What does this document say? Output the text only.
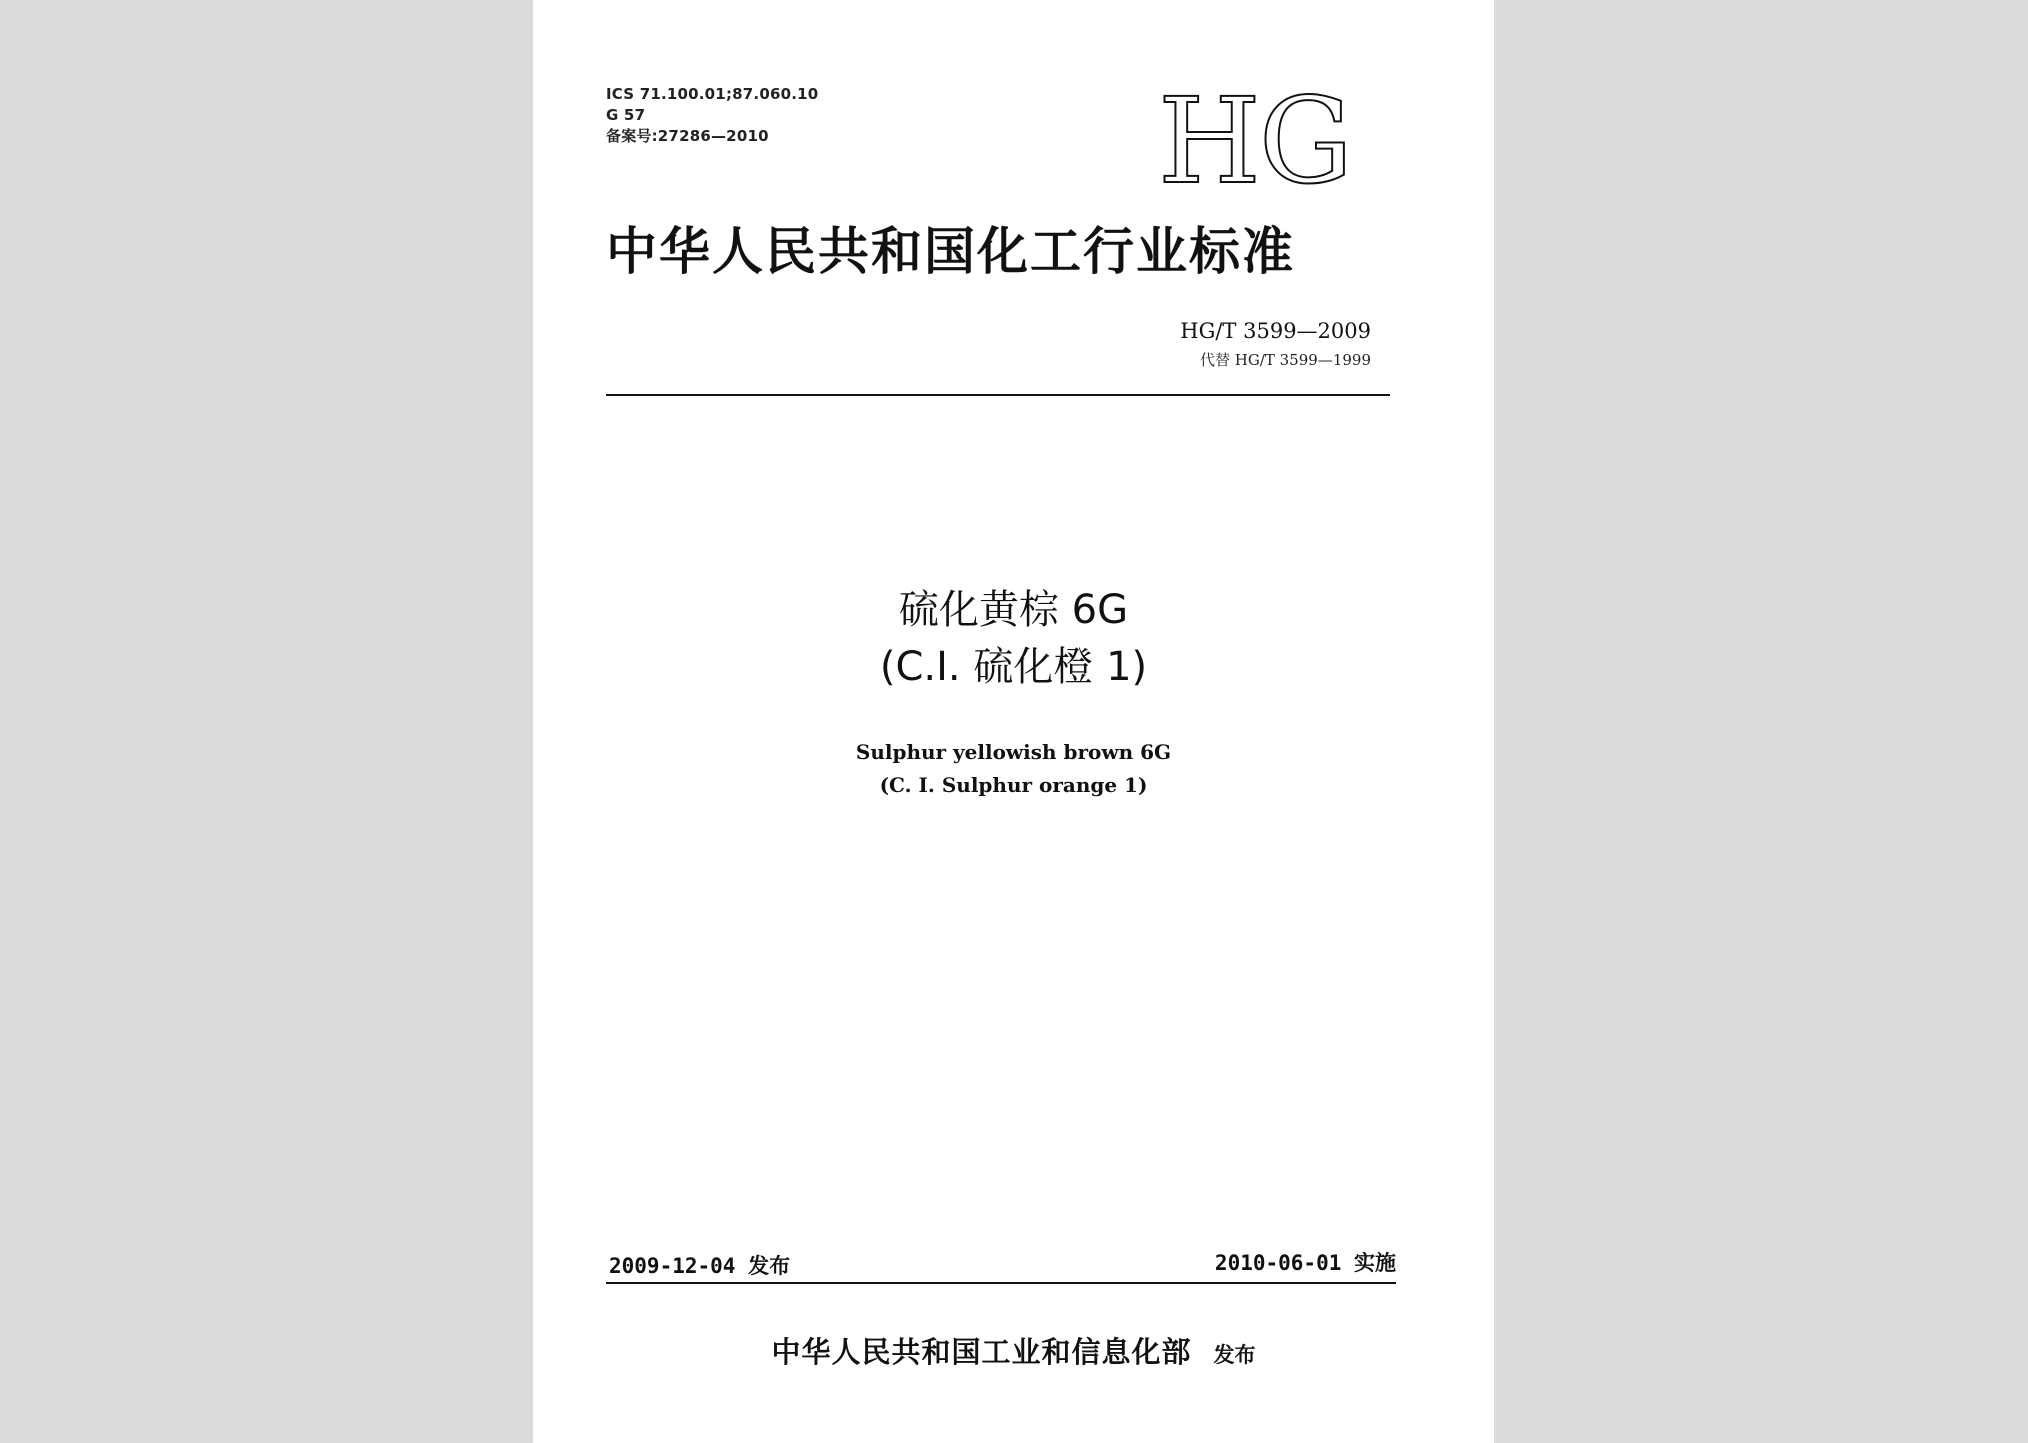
ICS 71.100.01;87.060.10
G 57
备案号:27286—2010	HG
中华人民共和国化工行业标准
HG/T 3599—2009
代替 HG/T 3599—1999
硫化黄棕 6G
(C.I. 硫化橙 1)
Sulphur yellowish brown 6G
(C. I. Sulphur orange 1)
2009-12-04 发布	2010-06-01 实施
中华人民共和国工业和信息化部 发布
